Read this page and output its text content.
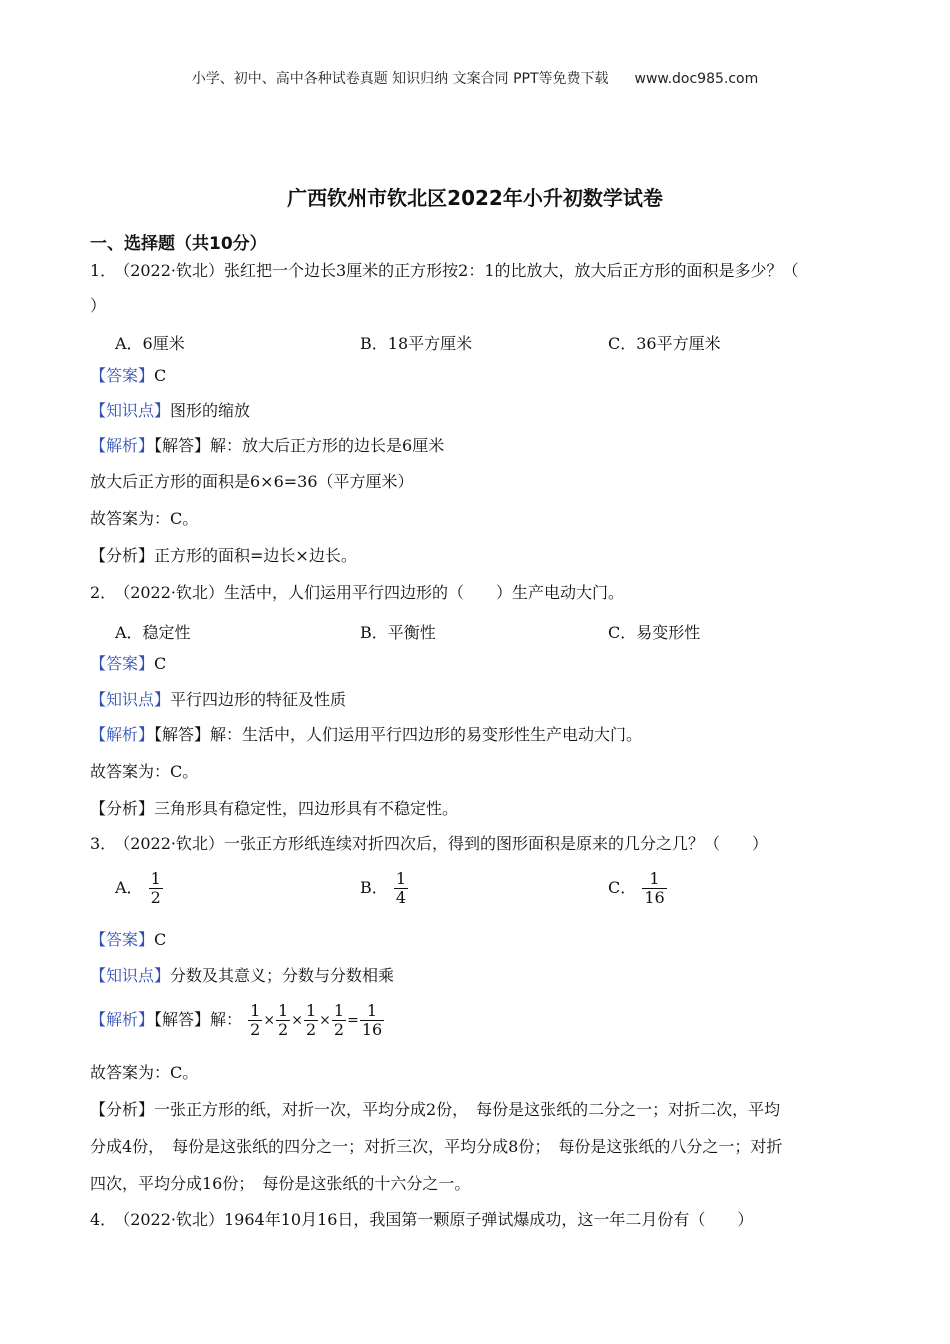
小学、初中、高中各种试卷真题 知识归纳 文案合同 PPT等免费下载 www.doc985.com
广西钦州市钦北区2022年小升初数学试卷
一、选择题（共10分）
1． （2022·钦北）张红把一个边长3厘米的正方形按2：1的比放大，放大后正方形的面积是多少？（
）
A．6厘米	B．18平方厘米	C．36平方厘米
【答案】C
【知识点】图形的缩放
【解析】【解答】解：放大后正方形的边长是6厘米
放大后正方形的面积是6×6=36（平方厘米）
故答案为：C。
【分析】正方形的面积=边长×边长。
2． （2022·钦北）生活中，人们运用平行四边形的（　　）生产电动大门。
A．稳定性	B．平衡性	C．易变形性
【答案】C
【知识点】平行四边形的特征及性质
【解析】【解答】解：生活中，人们运用平行四边形的易变形性生产电动大门。
故答案为：C。
【分析】三角形具有稳定性，四边形具有不稳定性。
3． （2022·钦北）一张正方形纸连续对折四次后，得到的图形面积是原来的几分之几？（　　）
A． $\frac{1}{2}$	B． $\frac{1}{4}$	C． $\frac{1}{16}$
【答案】C
【知识点】分数及其意义；分数与分数相乘
【解析】【解答】解： $\frac{1}{2} \times \frac{1}{2} \times \frac{1}{2} \times \frac{1}{2} = \frac{1}{16}$
故答案为：C。
【分析】一张正方形的纸，对折一次，平均分成2份，　每份是这张纸的二分之一；对折二次，平均
分成4份，　每份是这张纸的四分之一；对折三次，平均分成8份；　每份是这张纸的八分之一；对折
四次，平均分成16份；　每份是这张纸的十六分之一。
4． （2022·钦北）1964年10月16日，我国第一颗原子弹试爆成功，这一年二月份有（　　）
